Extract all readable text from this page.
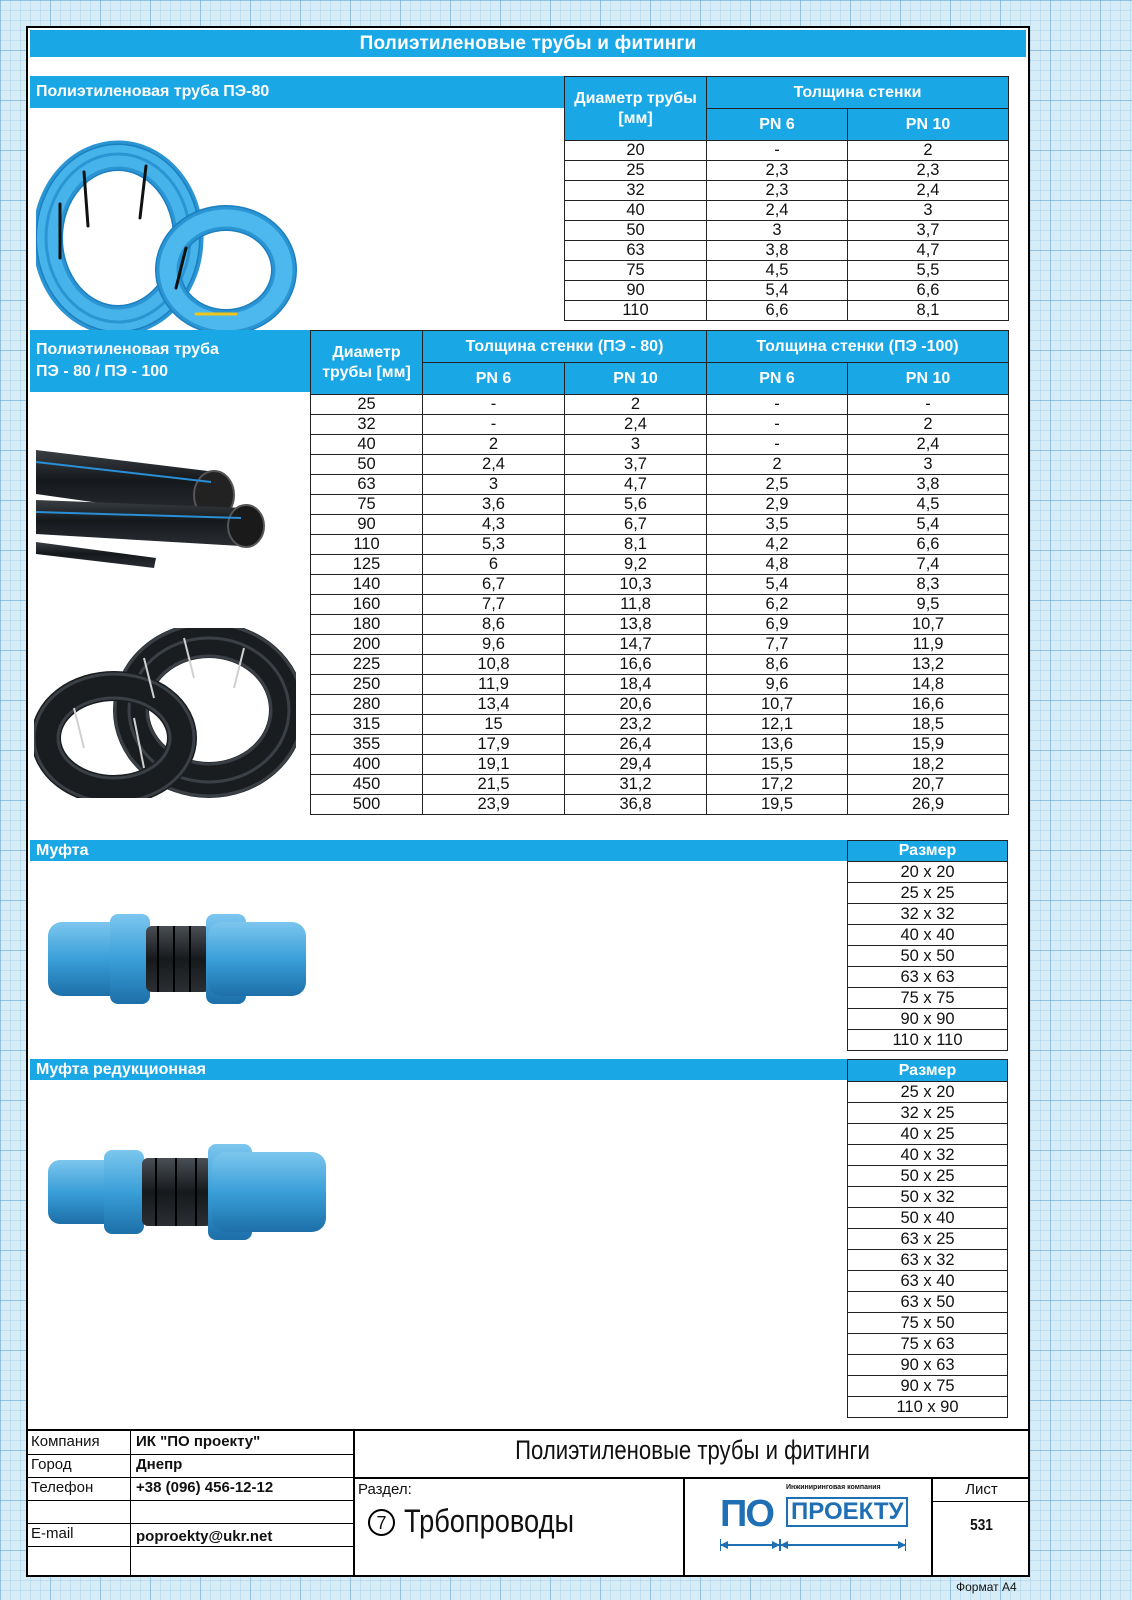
Полиэтиленовые трубы и фитинги
Полиэтиленовая труба ПЭ-80	Диаметр трубы [мм]	Толщина стенки	
	PN 6	PN 10
20	-	2
25	2,3	2,3
32	2,3	2,4
40	2,4	3
50	3	3,7
63	3,8	4,7
75	4,5	5,5
90	5,4	6,6
110	6,6	8,1
Полиэтиленовая труба
ПЭ - 80 / ПЭ - 100
Диаметр трубы [мм]	Толщина стенки (ПЭ - 80)		Толщина стенки (ПЭ -100)	
	PN 6	PN 10	PN 6	PN 10
25	-	2	-	-
32	-	2,4	-	2
40	2	3	-	2,4
50	2,4	3,7	2	3
63	3	4,7	2,5	3,8
75	3,6	5,6	2,9	4,5
90	4,3	6,7	3,5	5,4
110	5,3	8,1	4,2	6,6
125	6	9,2	4,8	7,4
140	6,7	10,3	5,4	8,3
160	7,7	11,8	6,2	9,5
180	8,6	13,8	6,9	10,7
200	9,6	14,7	7,7	11,9
225	10,8	16,6	8,6	13,2
250	11,9	18,4	9,6	14,8
280	13,4	20,6	10,7	16,6
315	15	23,2	12,1	18,5
355	17,9	26,4	13,6	15,9
400	19,1	29,4	15,5	18,2
450	21,5	31,2	17,2	20,7
500	23,9	36,8	19,5	26,9
Муфта	Размер
20 x 20
25 x 25
32 x 32
40 x 40
50 x 50
63 x 63
75 x 75
90 x 90
110 x 110
Муфта редукционная	Размер
25 x 20
32 x 25
40 x 25
40 x 32
50 x 25
50 x 32
50 x 40
63 x 25
63 x 32
63 x 40
63 x 50
75 x 50
75 x 63
90 x 63
90 x 75
110 x 90
Компания ИК "ПО проекту"
Город	Днепр
Телефон	+38 (096) 456-12-12
E-mail	poproekty@ukr.net
Полиэтиленовые трубы и фитинги
Раздел:
7 Трбопроводы	ПО
Инжиниринговая компания
ПРОЕКТУ
Лист
531
Формат А4
